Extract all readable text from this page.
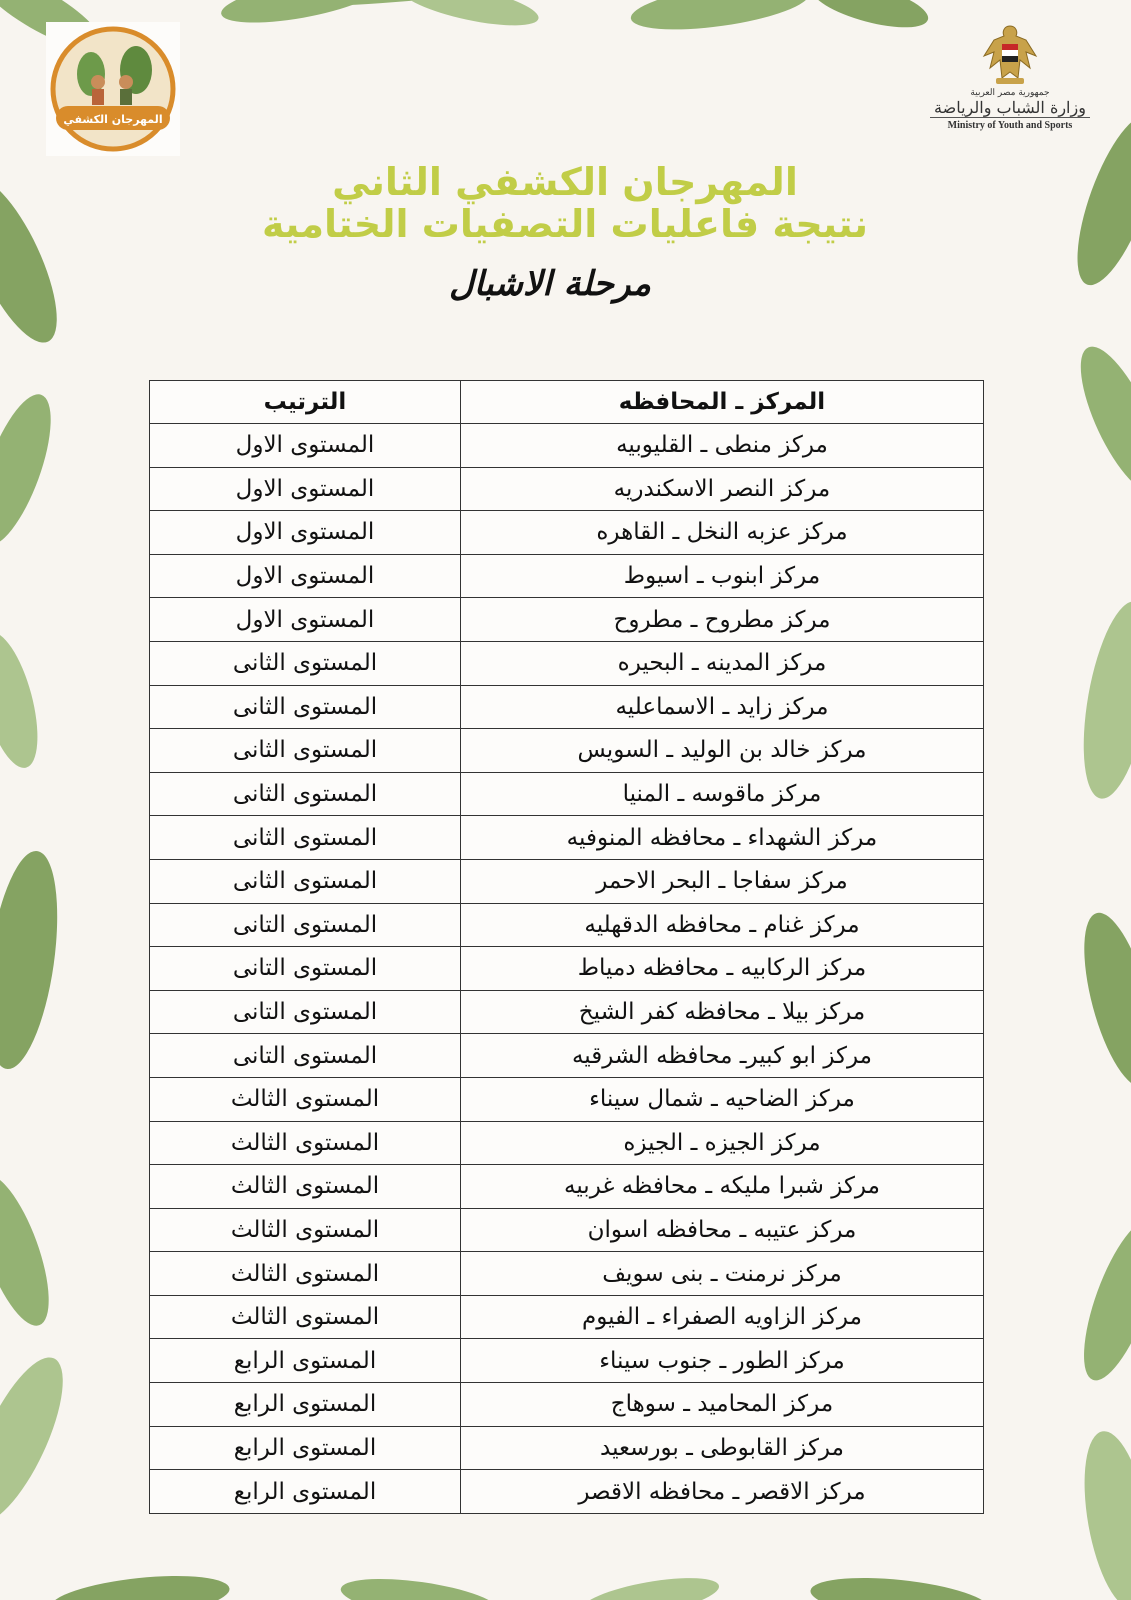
المهرجان الكشفي
جمهورية مصر العربية
وزارة الشباب والرياضة
Ministry of Youth and Sports
المهرجان الكشفي الثاني
نتيجة فاعليات التصفيات الختامية
مرحلة الاشبال
المركز ـ المحافظه	الترتيب
مركز منطى ـ القليوبيه	المستوى الاول
مركز النصر الاسكندريه	المستوى الاول
مركز عزبه النخل ـ القاهره	المستوى الاول
مركز ابنوب ـ اسيوط	المستوى الاول
مركز مطروح ـ مطروح	المستوى الاول
مركز المدينه ـ البحيره	المستوى الثانى
مركز زايد ـ الاسماعليه	المستوى الثانى
مركز خالد بن الوليد ـ السويس	المستوى الثانى
مركز ماقوسه ـ المنيا	المستوى الثانى
مركز الشهداء ـ محافظه المنوفيه	المستوى الثانى
مركز سفاجا ـ البحر الاحمر	المستوى الثانى
مركز غنام ـ محافظه الدقهليه	المستوى التانى
مركز الركابيه ـ محافظه دمياط	المستوى التانى
مركز بيلا ـ محافظه كفر الشيخ	المستوى التانى
مركز ابو كبيرـ محافظه الشرقيه	المستوى التانى
مركز الضاحيه ـ شمال سيناء	المستوى الثالث
مركز الجيزه ـ الجيزه	المستوى الثالث
مركز شبرا مليكه ـ محافظه غربيه	المستوى الثالث
مركز عتيبه ـ محافظه اسوان	المستوى الثالث
مركز نرمنت ـ بنى سويف	المستوى الثالث
مركز الزاويه الصفراء ـ الفيوم	المستوى الثالث
مركز الطور ـ جنوب سيناء	المستوى الرابع
مركز المحاميد ـ سوهاج	المستوى الرابع
مركز القابوطى ـ بورسعيد	المستوى الرابع
مركز الاقصر ـ محافظه الاقصر	المستوى الرابع
